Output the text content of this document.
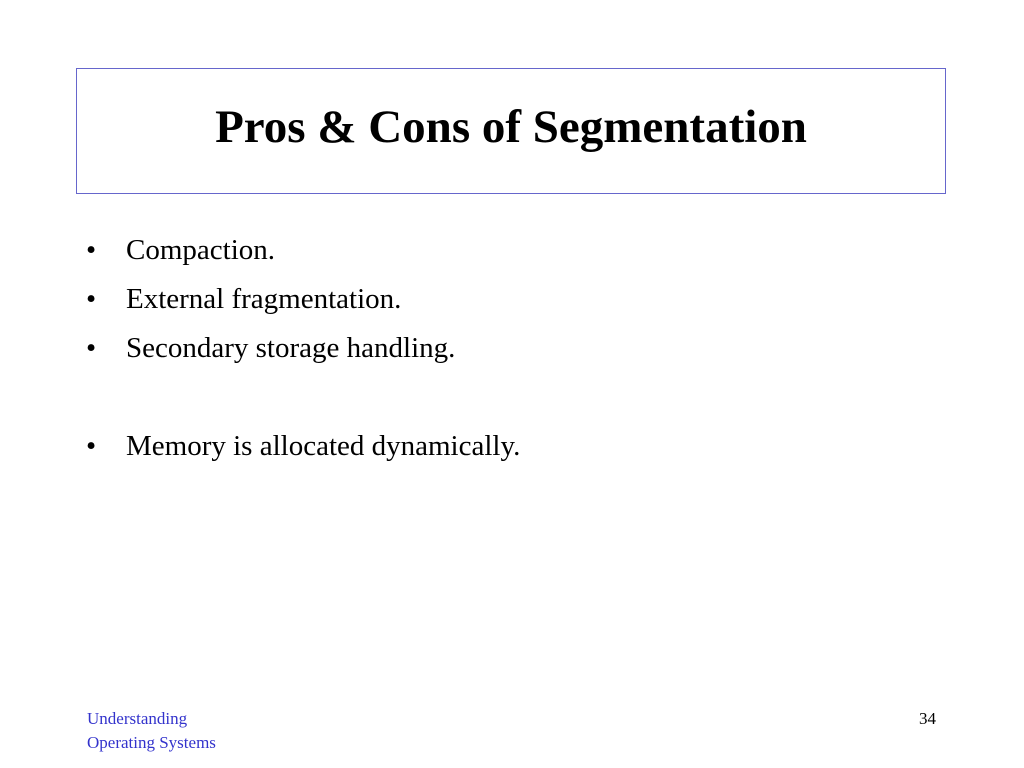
Pros & Cons of Segmentation
•	Compaction.
•	External fragmentation.
•	Secondary storage handling.
•	Memory is allocated dynamically.
Understanding
Operating Systems
34
